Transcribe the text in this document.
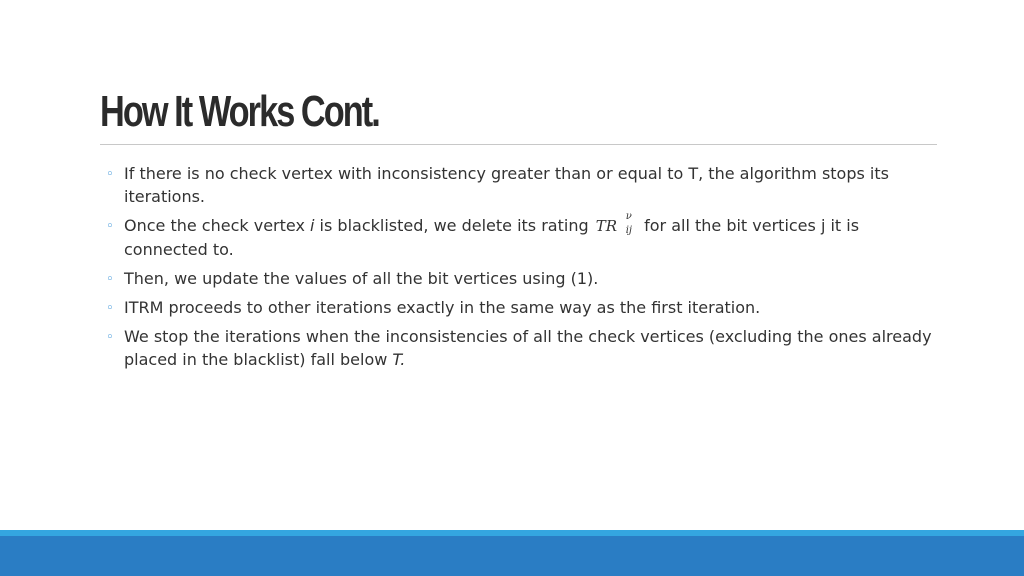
How It Works Cont.
◦ If there is no check vertex with inconsistency greater than or equal to T, the algorithm stops its iterations.
◦ Once the check vertex i is blacklisted, we delete its rating TR
ν
ij for all the bit vertices j it is connected to.
◦ Then, we update the values of all the bit vertices using (1).
◦ ITRM proceeds to other iterations exactly in the same way as the first iteration.
◦ We stop the iterations when the inconsistencies of all the check vertices (excluding the ones already placed in the blacklist) fall below T.
